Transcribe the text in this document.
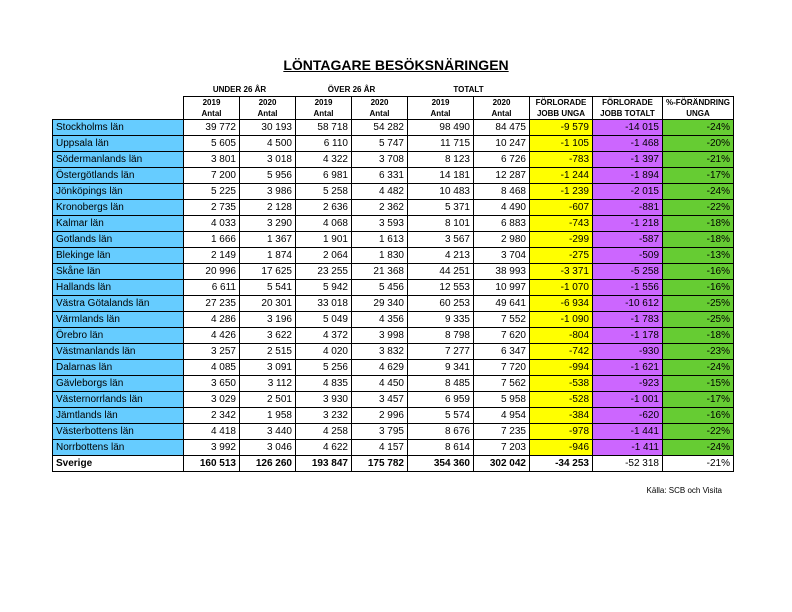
LÖNTAGARE BESÖKSNÄRINGEN
	UNDER 26 ÅR		ÖVER 26 ÅR		TOTALT				
	2019	2020	2019	2020	2019	2020	FÖRLORADE	FÖRLORADE	%-FÖRÄNDRING
	Antal	Antal	Antal	Antal	Antal	Antal	JOBB UNGA	JOBB TOTALT	UNGA
Stockholms län	39 772	30 193	58 718	54 282	98 490	84 475	-9 579	-14 015	-24%
Uppsala län	5 605	4 500	6 110	5 747	11 715	10 247	-1 105	-1 468	-20%
Södermanlands län	3 801	3 018	4 322	3 708	8 123	6 726	-783	-1 397	-21%
Östergötlands län	7 200	5 956	6 981	6 331	14 181	12 287	-1 244	-1 894	-17%
Jönköpings län	5 225	3 986	5 258	4 482	10 483	8 468	-1 239	-2 015	-24%
Kronobergs län	2 735	2 128	2 636	2 362	5 371	4 490	-607	-881	-22%
Kalmar län	4 033	3 290	4 068	3 593	8 101	6 883	-743	-1 218	-18%
Gotlands län	1 666	1 367	1 901	1 613	3 567	2 980	-299	-587	-18%
Blekinge län	2 149	1 874	2 064	1 830	4 213	3 704	-275	-509	-13%
Skåne län	20 996	17 625	23 255	21 368	44 251	38 993	-3 371	-5 258	-16%
Hallands län	6 611	5 541	5 942	5 456	12 553	10 997	-1 070	-1 556	-16%
Västra Götalands län	27 235	20 301	33 018	29 340	60 253	49 641	-6 934	-10 612	-25%
Värmlands län	4 286	3 196	5 049	4 356	9 335	7 552	-1 090	-1 783	-25%
Örebro län	4 426	3 622	4 372	3 998	8 798	7 620	-804	-1 178	-18%
Västmanlands län	3 257	2 515	4 020	3 832	7 277	6 347	-742	-930	-23%
Dalarnas län	4 085	3 091	5 256	4 629	9 341	7 720	-994	-1 621	-24%
Gävleborgs län	3 650	3 112	4 835	4 450	8 485	7 562	-538	-923	-15%
Västernorrlands län	3 029	2 501	3 930	3 457	6 959	5 958	-528	-1 001	-17%
Jämtlands län	2 342	1 958	3 232	2 996	5 574	4 954	-384	-620	-16%
Västerbottens län	4 418	3 440	4 258	3 795	8 676	7 235	-978	-1 441	-22%
Norrbottens län	3 992	3 046	4 622	4 157	8 614	7 203	-946	-1 411	-24%
Sverige	160 513	126 260	193 847	175 782	354 360	302 042	-34 253	-52 318	-21%
Källa: SCB och Visita
